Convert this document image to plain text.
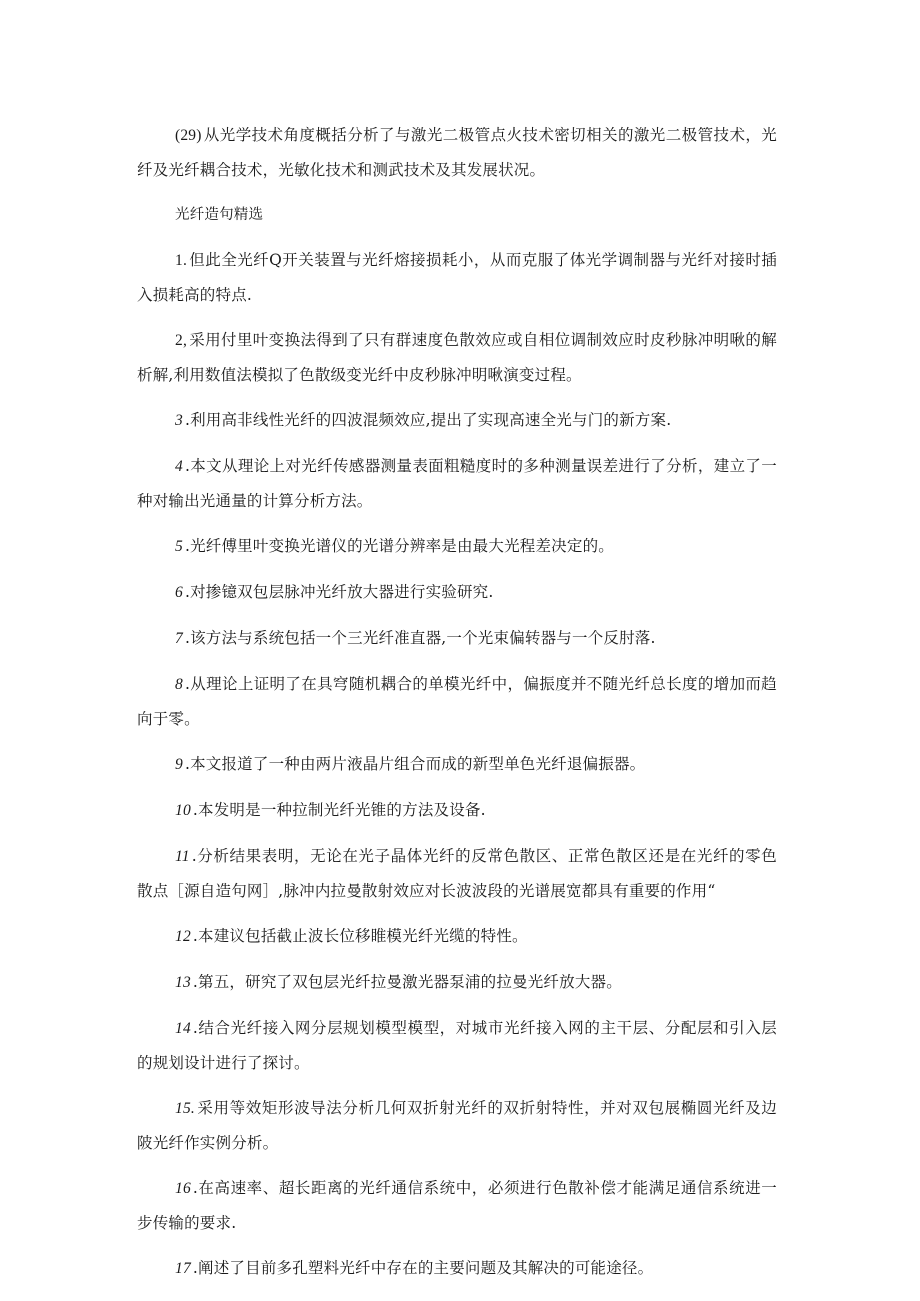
(29) 从光学技术角度概括分析了与激光二极管点火技术密切相关的激光二极管技术，光纤及光纤耦合技术，光敏化技术和测武技术及其发展状况。

光纤造句精选

1. 但此全光纤Q开关装置与光纤熔接损耗小，从而克服了体光学调制器与光纤对接时插入损耗高的特点.

2, 采用付里叶变换法得到了只有群速度色散效应或自相位调制效应时皮秒脉冲明啾的解析解,利用数值法模拟了色散级变光纤中皮秒脉冲明啾演变过程。

3 .利用高非线性光纤的四波混频效应,提出了实现高速全光与门的新方案.

4 .本文从理论上对光纤传感器测量表面粗糙度时的多种测量误差进行了分析，建立了一种对输出光通量的计算分析方法。

5 .光纤傅里叶变换光谱仪的光谱分辨率是由最大光程差决定的。

6 .对掺镱双包层脉冲光纤放大器进行实验研究.

7 .该方法与系统包括一个三光纤准直器,一个光束偏转器与一个反肘落.

8 .从理论上证明了在具穹随机耦合的单模光纤中，偏振度并不随光纤总长度的增加而趋向于零。

9 .本文报道了一种由两片液晶片组合而成的新型单色光纤退偏振器。

10 .本发明是一种拉制光纤光锥的方法及设备.

11 .分析结果表明，无论在光子晶体光纤的反常色散区、正常色散区还是在光纤的零色散点［源自造句网］,脉冲内拉曼散射效应对长波波段的光谱展宽都具有重要的作用“

12 .本建议包括截止波长位移睢模光纤光缆的特性。

13 .第五，研究了双包层光纤拉曼激光器泵浦的拉曼光纤放大器。

14 .结合光纤接入网分层规划模型模型，对城市光纤接入网的主干层、分配层和引入层的规划设计进行了探讨。

15. 采用等效矩形波导法分析几何双折射光纤的双折射特性，并对双包展椭圆光纤及边陂光纤作实例分析。

16 .在高速率、超长距离的光纤通信系统中，必须进行色散补偿才能满足通信系统进一步传输的要求.

17 .阐述了目前多孔塑料光纤中存在的主要问题及其解决的可能途径。
